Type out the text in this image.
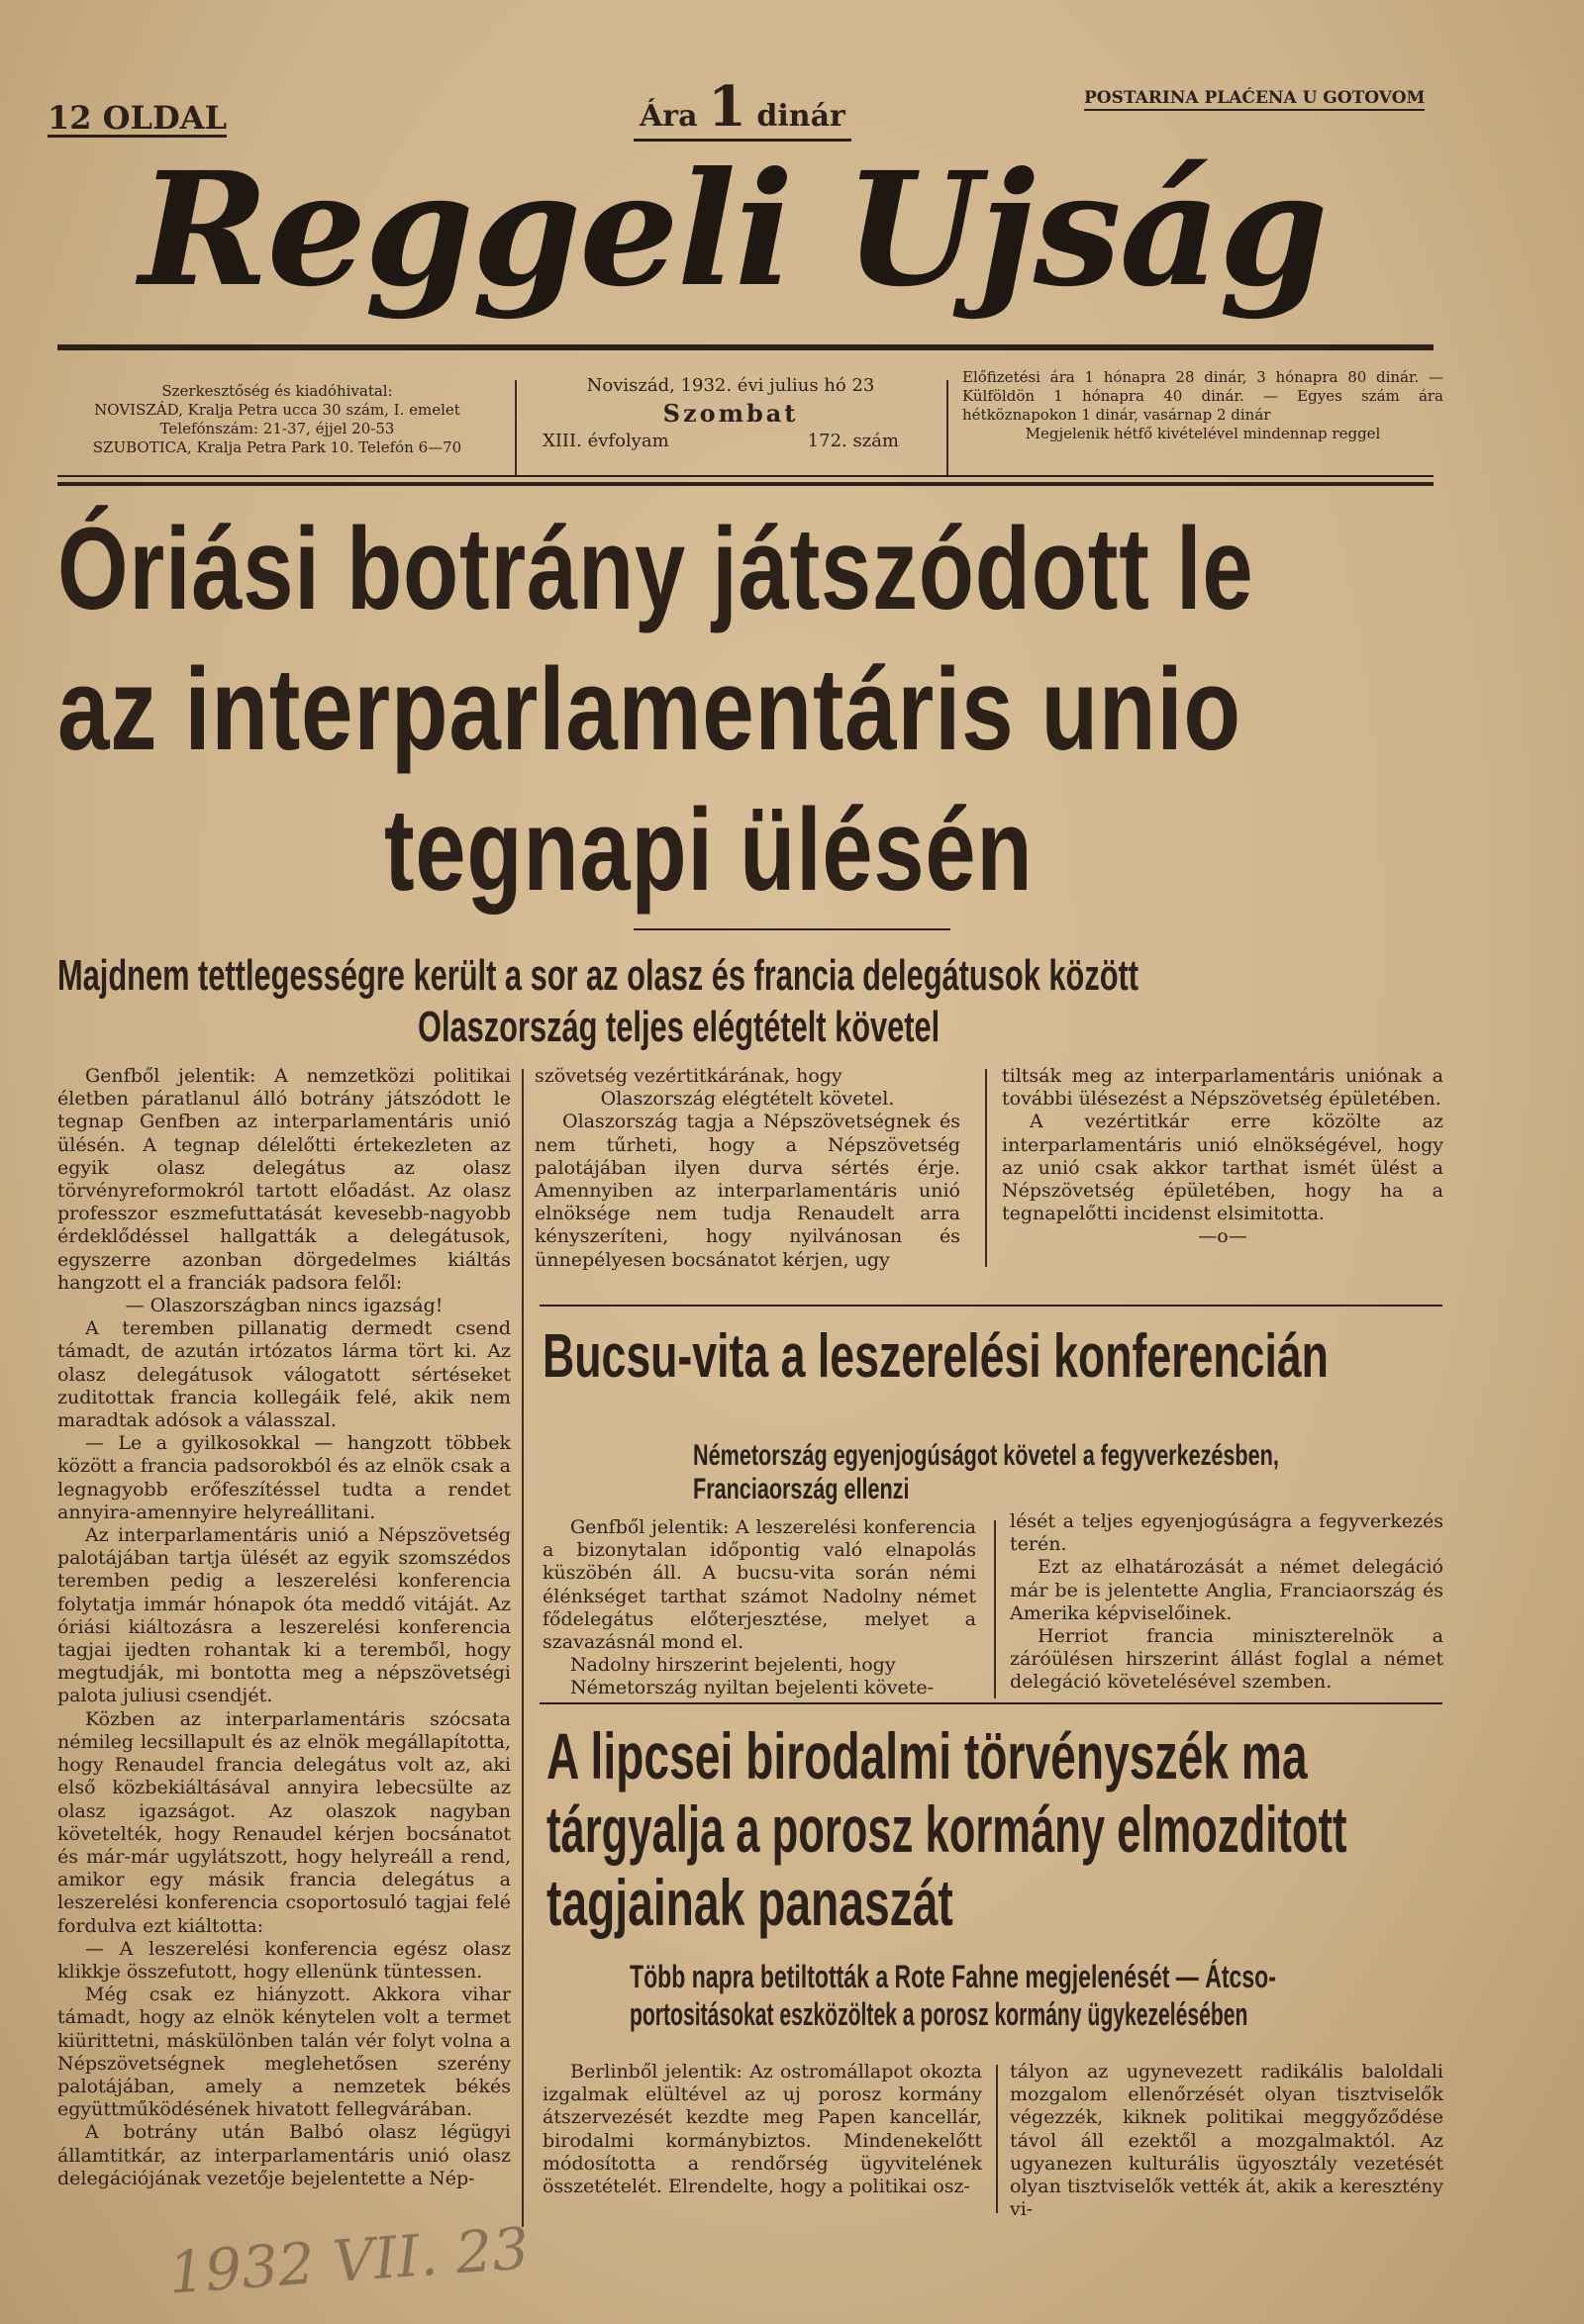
12 OLDAL	Ára 1 dinár
POSTARINA PLAĆENA U GOTOVOM
Reggeli Ujság
Szerkesztőség és kiadóhivatal:
NOVISZÁD, Kralja Petra ucca 30 szám, I. emelet
Telefónszám: 21-37, éjjel 20-53
SZUBOTICA, Kralja Petra Park 10. Telefón 6—70
Noviszád, 1932. évi julius hó 23
Szombat
XIII. évfolyam	172. szám
Előfizetési ára 1 hónapra 28 dinár, 3 hónapra 80 dinár. — Külföldön 1 hónapra 40 dinár. — Egyes szám ára hétköznapokon 1 dinár, vasárnap 2 dinár
Megjelenik hétfő kivételével mindennap reggel
Óriási botrány játszódott le
az interparlamentáris unio
tegnapi ülésén
Majdnem tettlegességre került a sor az olasz és francia delegátusok között
Olaszország teljes elégtételt követel

Genfből jelentik: A nemzetközi politikai életben páratlanul álló botrány játszódott le tegnap Genfben az interparlamentáris unió ülésén. A tegnap délelőtti értekezleten az egyik olasz delegátus az olasz törvényreformokról tartott előadást. Az olasz professzor eszmefuttatását kevesebb-nagyobb érdeklődéssel hallgatták a delegátusok, egyszerre azonban dörgedelmes kiáltás hangzott el a franciák padsora felől:

— Olaszországban nincs igazság!

A teremben pillanatig dermedt csend támadt, de azután irtózatos lárma tört ki. Az olasz delegátusok válogatott sértéseket zuditottak francia kollegáik felé, akik nem maradtak adósok a válasszal.

— Le a gyilkosokkal — hangzott többek között a francia padsorokból és az elnök csak a legnagyobb erőfeszítéssel tudta a rendet annyira-amennyire helyreállitani.

Az interparlamentáris unió a Népszövetség palotájában tartja ülését az egyik szomszédos teremben pedig a leszerelési konferencia folytatja immár hónapok óta meddő vitáját. Az óriási kiáltozásra a leszerelési konferencia tagjai ijedten rohantak ki a teremből, hogy megtudják, mi bontotta meg a népszövetségi palota juliusi csendjét.

Közben az interparlamentáris szócsata némileg lecsillapult és az elnök megállapította, hogy Renaudel francia delegátus volt az, aki első közbekiáltásával annyira lebecsülte az olasz igazságot. Az olaszok nagyban követelték, hogy Renaudel kérjen bocsánatot és már-már ugylátszott, hogy helyreáll a rend, amikor egy másik francia delegátus a leszerelési konferencia csoportosuló tagjai felé fordulva ezt kiáltotta:

— A leszerelési konferencia egész olasz klikkje összefutott, hogy ellenünk tüntessen.

Még csak ez hiányzott. Akkora vihar támadt, hogy az elnök kénytelen volt a termet kiürittetni, máskülönben talán vér folyt volna a Népszövetségnek meglehetősen szerény palotájában, amely a nemzetek békés együttműködésének hivatott fellegvárában.

A botrány után Balbó olasz légügyi államtitkár, az interparlamentáris unió olasz delegációjának vezetője bejelentette a Nép-

szövetség vezértitkárának, hogy

Olaszország elégtételt követel.

Olaszország tagja a Népszövetségnek és nem tűrheti, hogy a Népszövetség palotájában ilyen durva sértés érje. Amennyiben az interparlamentáris unió elnöksége nem tudja Renaudelt arra kényszeríteni, hogy nyilvánosan és ünnepélyesen bocsánatot kérjen, ugy

tiltsák meg az interparlamentáris uniónak a további ülésezést a Népszövetség épületében.

A vezértitkár erre közölte az interparlamentáris unió elnökségével, hogy az unió csak akkor tarthat ismét ülést a Népszövetség épületében, hogy ha a tegnapelőtti incidenst elsimitotta.

—o—

Bucsu-vita a leszerelési konferencián
Németország egyenjogúságot követel a fegyverkezésben,
Franciaország ellenzi

Genfből jelentik: A leszerelési konferencia a bizonytalan időpontig való elnapolás küszöbén áll. A bucsu-vita során némi élénkséget tarthat számot Nadolny német fődelegátus előterjesztése, melyet a szavazásnál mond el.

Nadolny hirszerint bejelenti, hogy

Németország nyiltan bejelenti követe-

lését a teljes egyenjogúságra a fegyverkezés terén.

Ezt az elhatározását a német delegáció már be is jelentette Anglia, Franciaország és Amerika képviselőinek.

Herriot francia miniszterelnök a záróülésen hirszerint állást foglal a német delegáció követelésével szemben.

A lipcsei birodalmi törvényszék ma
tárgyalja a porosz kormány elmozditott
tagjainak panaszát
Több napra betiltották a Rote Fahne megjelenését — Átcso-
portositásokat eszközöltek a porosz kormány ügykezelésében

Berlinből jelentik: Az ostromállapot okozta izgalmak elültével az uj porosz kormány átszervezését kezdte meg Papen kancellár, birodalmi kormánybiztos. Mindenekelőtt módosította a rendőrség ügyvitelének összetételét. Elrendelte, hogy a politikai osz-

tályon az ugynevezett radikális baloldali mozgalom ellenőrzését olyan tisztviselők végezzék, kiknek politikai meggyőződése távol áll ezektől a mozgalmaktól. Az ugyanezen kulturális ügyosztály vezetését olyan tisztviselők vették át, akik a keresztény vi-

1932 VII. 23
